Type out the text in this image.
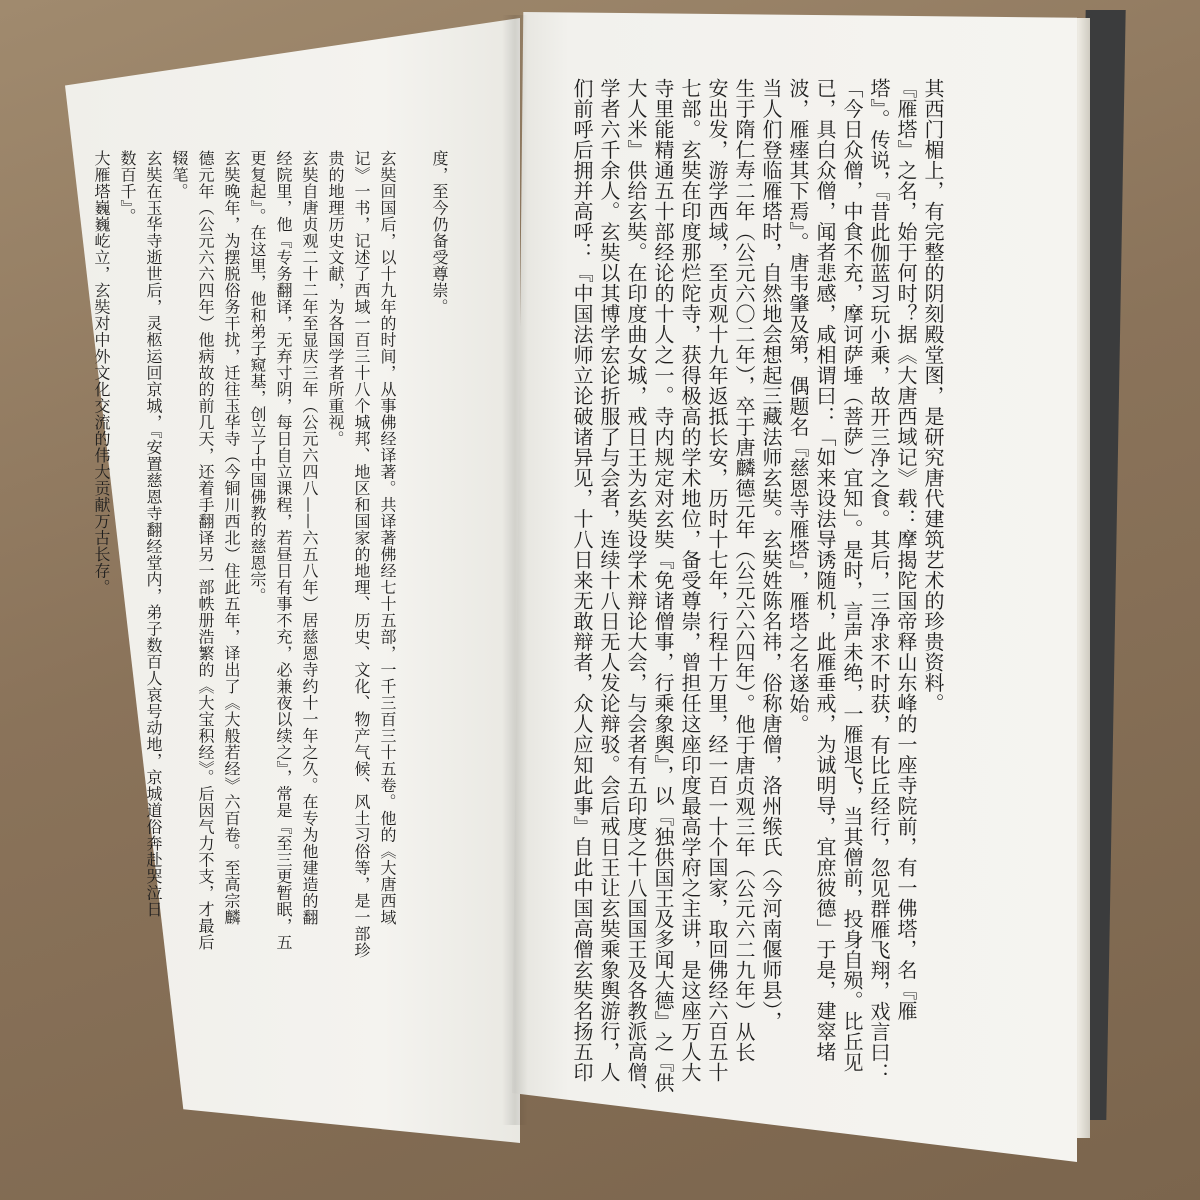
其西门楣上，有完整的阴刻殿堂图，是研究唐代建筑艺术的珍贵资料。
『雁塔』之名，始于何时？据《大唐西域记》载：摩揭陀国帝释山东峰的一座寺院前，有一佛塔，名『雁
塔』。传说，『昔此伽蓝习玩小乘，故开三净之食。其后，三净求不时获，有比丘经行，忽见群雁飞翔，戏言曰：
「今日众僧，中食不充，摩诃萨埵（菩萨）宜知」。是时，言声未绝，一雁退飞，当其僧前，投身自殒。比丘见
已，具白众僧，闻者悲感，咸相谓曰：「如来设法导诱随机，此雁垂戒，为诚明导，宜庶彼德」于是，建窣堵
波，雁瘗其下焉』。唐韦肇及第，偶题名『慈恩寺雁塔』，雁塔之名遂始。
当人们登临雁塔时，自然地会想起三藏法师玄奘。玄奘姓陈名祎，俗称唐僧，洛州缑氏（今河南偃师县），
生于隋仁寿二年（公元六〇二年），卒于唐麟德元年（公元六六四年）。他于唐贞观三年（公元六二九年）从长
安出发，游学西域，至贞观十九年返抵长安，历时十七年，行程十万里，经一百一十个国家，取回佛经六百五十
七部。玄奘在印度那烂陀寺，获得极高的学术地位，备受尊崇，曾担任这座印度最高学府之主讲，是这座万人大
寺里能精通五十部经论的十人之一。寺内规定对玄奘『免诸僧事，行乘象舆』，以『独供国王及多闻大德』之『供
大人米』供给玄奘。在印度曲女城，戒日王为玄奘设学术辩论大会，与会者有五印度之十八国国王及各教派高僧、
学者六千余人。玄奘以其博学宏论折服了与会者，连续十八日无人发论辩驳。会后戒日王让玄奘乘象舆游行，人
们前呼后拥并高呼：『中国法师立论破诸异见，十八日来无敢辩者，众人应知此事』自此中国高僧玄奘名扬五印
度，至今仍备受尊崇。
玄奘回国后，以十九年的时间，从事佛经译著。共译著佛经七十五部，一千三百三十五卷。他的《大唐西域
记》一书，记述了西域一百三十八个城邦、地区和国家的地理、历史、文化、物产气候、风土习俗等，是一部珍
贵的地理历史文献，为各国学者所重视。
玄奘自唐贞观二十二年至显庆三年（公元六四八——六五八年）居慈恩寺约十一年之久。在专为他建造的翻
经院里，他『专务翻译，无弃寸阴，每日自立课程，若昼日有事不充，必兼夜以续之』，常是『至三更暂眠，五
更复起』。在这里，他和弟子窥基，创立了中国佛教的慈恩宗。
玄奘晚年，为摆脱俗务干扰，迁往玉华寺（今铜川西北）住此五年，译出了《大般若经》六百卷。至高宗麟
德元年（公元六六四年）他病故的前几天，还着手翻译另一部帙册浩繁的《大宝积经》。后因气力不支，才最后
辍笔。
玄奘在玉华寺逝世后，灵柩运回京城，『安置慈恩寺翻经堂内，弟子数百人哀号动地，京城道俗奔赴哭泣日
数百千』。
大雁塔巍巍屹立，玄奘对中外文化交流的伟大贡献万古长存。
